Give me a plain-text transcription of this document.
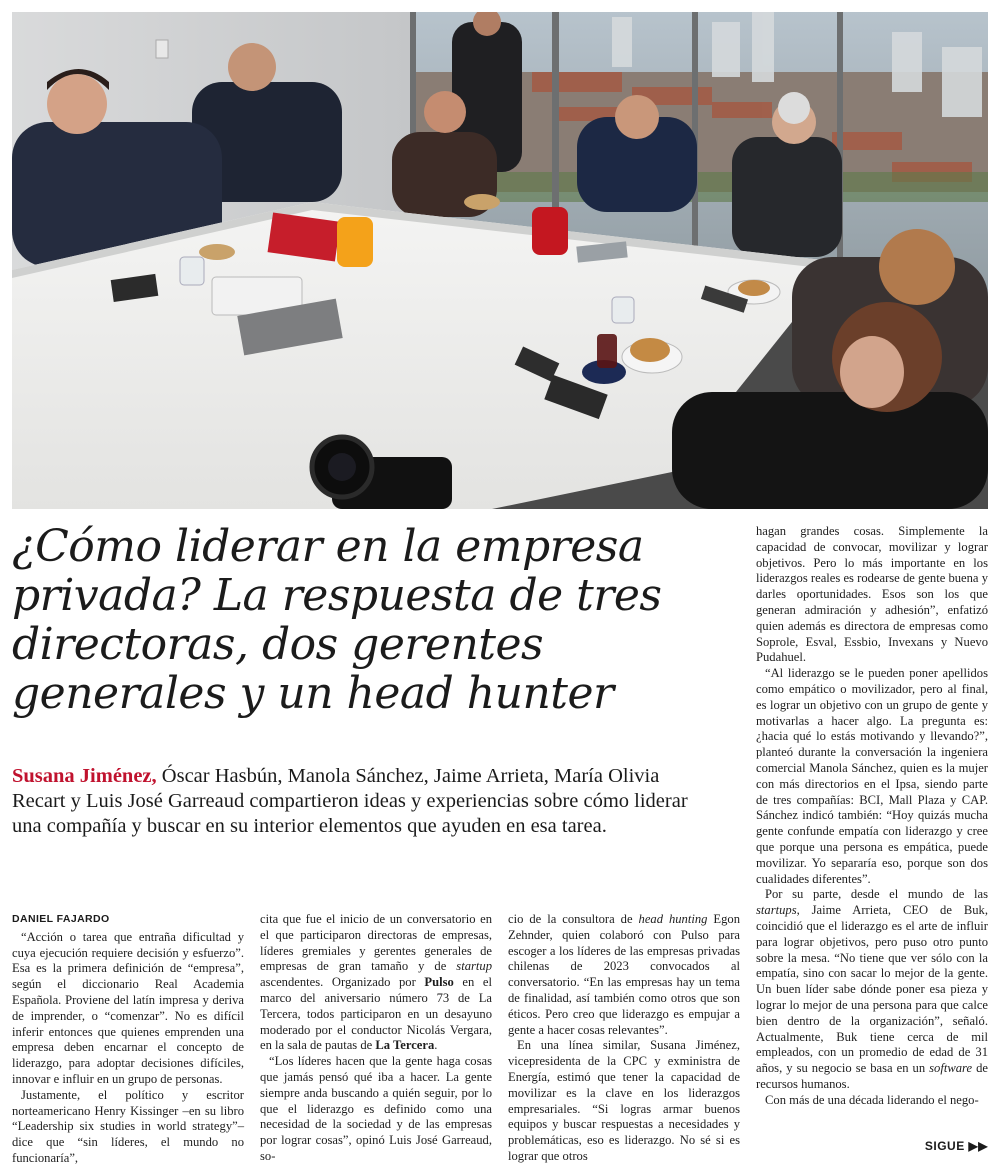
¿Cómo liderar en la empresa privada? La respuesta de tres directoras, dos gerentes generales y un head hunter

Susana Jiménez, Óscar Hasbún, Manola Sánchez, Jaime Arrieta, María Olivia Recart y Luis José Garreaud compartieron ideas y experiencias sobre cómo liderar una compañía y buscar en su interior elementos que ayuden en esa tarea.

DANIEL FAJARDO

“Acción o tarea que entraña dificultad y cuya ejecución requiere decisión y esfuerzo”. Esa es la primera definición de “empresa”, según el diccionario Real Academia Española. Proviene del latín impresa y deriva de imprender, o “comenzar”. No es difícil inferir entonces que quienes emprenden una empresa deben encarnar el concepto de liderazgo, para adoptar decisiones difíciles, innovar e influir en un grupo de personas.

Justamente, el político y escritor norteamericano Henry Kissinger –en su libro “Leadership six studies in world strategy”– dice que “sin líderes, el mundo no funcionaría”,

cita que fue el inicio de un conversatorio en el que participaron directoras de empresas, líderes gremiales y gerentes generales de empresas de gran tamaño y de startup ascendentes. Organizado por Pulso en el marco del aniversario número 73 de La Tercera, todos participaron en un desayuno moderado por el conductor Nicolás Vergara, en la sala de pautas de La Tercera.

“Los líderes hacen que la gente haga cosas que jamás pensó qué iba a hacer. La gente siempre anda buscando a quién seguir, por lo que el liderazgo es definido como una necesidad de la sociedad y de las empresas por lograr cosas”, opinó Luis José Garreaud, so-

cio de la consultora de head hunting Egon Zehnder, quien colaboró con Pulso para escoger a los líderes de las empresas privadas chilenas de 2023 convocados al conversatorio. “En las empresas hay un tema de finalidad, así también como otros que son éticos. Pero creo que liderazgo es empujar a gente a hacer cosas relevantes”.

En una línea similar, Susana Jiménez, vicepresidenta de la CPC y exministra de Energía, estimó que tener la capacidad de movilizar es la clave en los liderazgos empresariales. “Si logras armar buenos equipos y buscar respuestas a necesidades y problemáticas, eso es liderazgo. No sé si es lograr que otros

hagan grandes cosas. Simplemente la capacidad de convocar, movilizar y lograr objetivos. Pero lo más importante en los liderazgos reales es rodearse de gente buena y darles oportunidades. Esos son los que generan admiración y adhesión”, enfatizó quien además es directora de empresas como Soprole, Esval, Essbio, Invexans y Nuevo Pudahuel.

“Al liderazgo se le pueden poner apellidos como empático o movilizador, pero al final, es lograr un objetivo con un grupo de gente y motivarlas a hacer algo. La pregunta es: ¿hacia qué lo estás motivando y llevando?”, planteó durante la conversación la ingeniera comercial Manola Sánchez, quien es la mujer con más directorios en el Ipsa, siendo parte de tres compañías: BCI, Mall Plaza y CAP. Sánchez indicó también: “Hoy quizás mucha gente confunde empatía con liderazgo y cree que porque una persona es empática, puede movilizar. Yo separaría eso, porque son dos cualidades diferentes”.

Por su parte, desde el mundo de las startups, Jaime Arrieta, CEO de Buk, coincidió que el liderazgo es el arte de influir para lograr objetivos, pero puso otro punto sobre la mesa. “No tiene que ver sólo con la empatía, sino con sacar lo mejor de la gente. Un buen líder sabe dónde poner esa pieza y lograr lo mejor de una persona para que calce bien dentro de la organización”, señaló. Actualmente, Buk tiene cerca de mil empleados, con un promedio de edad de 31 años, y su negocio se basa en un software de recursos humanos.

Con más de una década liderando el nego-

SIGUE ▶▶
